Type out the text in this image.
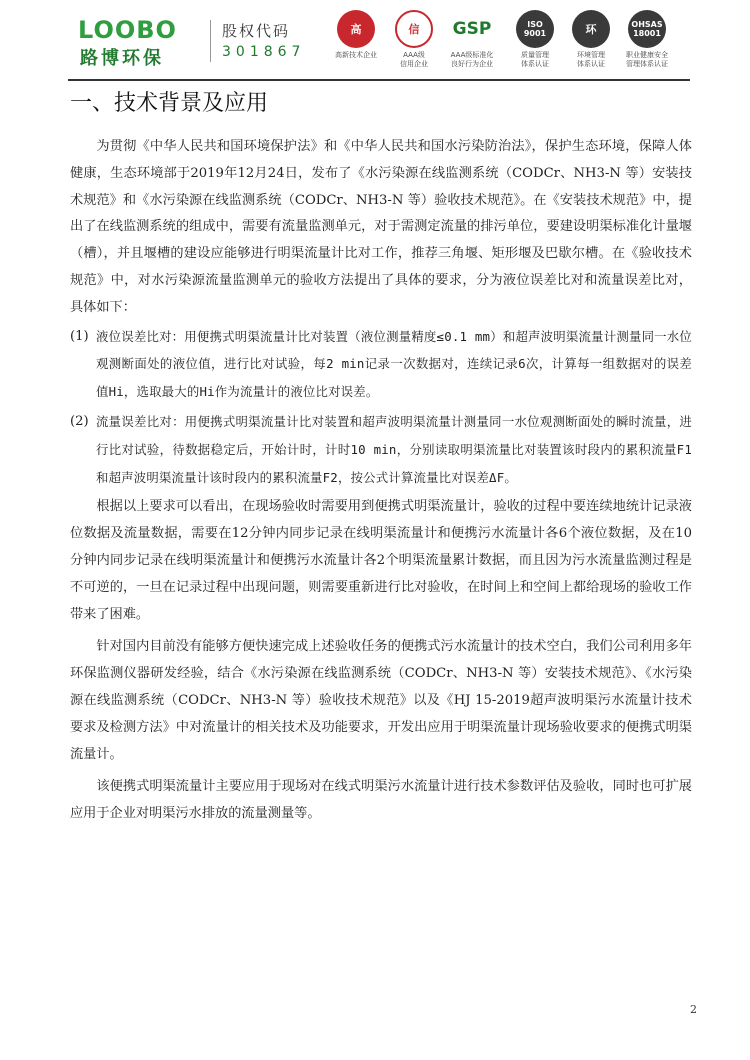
LOOBO
路博环保
股权代码
301867
高
高新技术企业
信
AAA级
信用企业
GSP
AAA级标准化
良好行为企业
ISO 9001
质量管理
体系认证
环
环境管理
体系认证
OHSAS 18001
职业健康安全
管理体系认证
一、技术背景及应用

为贯彻《中华人民共和国环境保护法》和《中华人民共和国水污染防治法》，保护生态环境，保障人体健康，生态环境部于2019年12月24日，发布了《水污染源在线监测系统（CODCr、NH3-N 等）安装技术规范》和《水污染源在线监测系统（CODCr、NH3-N 等）验收技术规范》。在《安装技术规范》中，提出了在线监测系统的组成中，需要有流量监测单元，对于需测定流量的排污单位，要建设明渠标准化计量堰（槽），并且堰槽的建设应能够进行明渠流量计比对工作，推荐三角堰、矩形堰及巴歇尔槽。在《验收技术规范》中，对水污染源流量监测单元的验收方法提出了具体的要求，分为液位误差比对和流量误差比对， 具体如下：

(1) 液位误差比对：用便携式明渠流量计比对装置（液位测量精度≤0.1 mm）和超声波明渠流量计测量同一水位观测断面处的液位值，进行比对试验，每2 min记录一次数据对，连续记录6次，计算每一组数据对的误差值Hi，选取最大的Hi作为流量计的液位比对误差。
(2) 流量误差比对：用便携式明渠流量计比对装置和超声波明渠流量计测量同一水位观测断面处的瞬时流量，进行比对试验，待数据稳定后，开始计时，计时10 min，分别读取明渠流量比对装置该时段内的累积流量F1 和超声波明渠流量计该时段内的累积流量F2，按公式计算流量比对误差ΔF。

根据以上要求可以看出，在现场验收时需要用到便携式明渠流量计，验收的过程中要连续地统计记录液位数据及流量数据，需要在12分钟内同步记录在线明渠流量计和便携污水流量计各6个液位数据，及在10分钟内同步记录在线明渠流量计和便携污水流量计各2个明渠流量累计数据，而且因为污水流量监测过程是不可逆的，一旦在记录过程中出现问题，则需要重新进行比对验收，在时间上和空间上都给现场的验收工作带来了困难。

针对国内目前没有能够方便快速完成上述验收任务的便携式污水流量计的技术空白，我们公司利用多年环保监测仪器研发经验，结合《水污染源在线监测系统（CODCr、NH3-N 等）安装技术规范》、《水污染源在线监测系统（CODCr、NH3-N 等）验收技术规范》以及《HJ 15-2019超声波明渠污水流量计技术要求及检测方法》中对流量计的相关技术及功能要求，开发出应用于明渠流量计现场验收要求的便携式明渠流量计。

该便携式明渠流量计主要应用于现场对在线式明渠污水流量计进行技术参数评估及验收，同时也可扩展应用于企业对明渠污水排放的流量测量等。

2
